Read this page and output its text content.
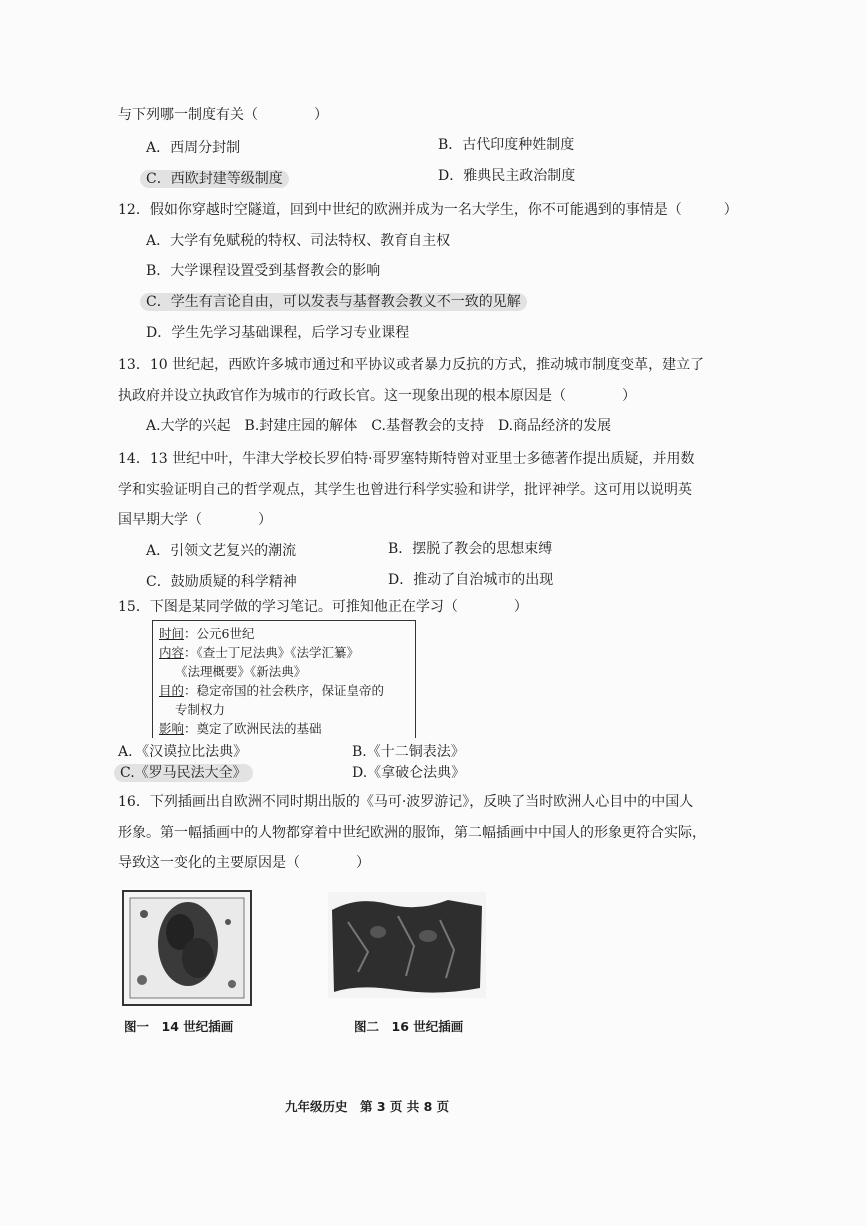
与下列哪一制度有关（　　　　）
A．西周分封制	B．古代印度种姓制度
C．西欧封建等级制度	D．雅典民主政治制度
12．假如你穿越时空隧道，回到中世纪的欧洲并成为一名大学生，你不可能遇到的事情是（　　　）
A．大学有免赋税的特权、司法特权、教育自主权
B．大学课程设置受到基督教会的影响
C．学生有言论自由，可以发表与基督教会教义不一致的见解
D．学生先学习基础课程，后学习专业课程
13．10 世纪起，西欧许多城市通过和平协议或者暴力反抗的方式，推动城市制度变革，建立了
执政府并设立执政官作为城市的行政长官。这一现象出现的根本原因是（　　　　）
A.大学的兴起　B.封建庄园的解体　C.基督教会的支持　D.商品经济的发展
14．13 世纪中叶，牛津大学校长罗伯特·哥罗塞特斯特曾对亚里士多德著作提出质疑，并用数
学和实验证明自己的哲学观点，其学生也曾进行科学实验和讲学，批评神学。这可用以说明英
国早期大学（　　　　）
A．引领文艺复兴的潮流	B．摆脱了教会的思想束缚
C．鼓励质疑的科学精神	D．推动了自治城市的出现
15．下图是某同学做的学习笔记。可推知他正在学习（　　　　）
时间：公元6世纪
内容：《查士丁尼法典》《法学汇纂》
《法理概要》《新法典》
目的：稳定帝国的社会秩序，保证皇帝的
专制权力
影响：奠定了欧洲民法的基础
A．《汉谟拉比法典》	B.《十二铜表法》
C.《罗马民法大全》	D.《拿破仑法典》
16．下列插画出自欧洲不同时期出版的《马可·波罗游记》，反映了当时欧洲人心目中的中国人
形象。第一幅插画中的人物都穿着中世纪欧洲的服饰，第二幅插画中中国人的形象更符合实际，
导致这一变化的主要原因是（　　　　）
图一　14 世纪插画	图二　16 世纪插画
九年级历史　第 3 页 共 8 页
